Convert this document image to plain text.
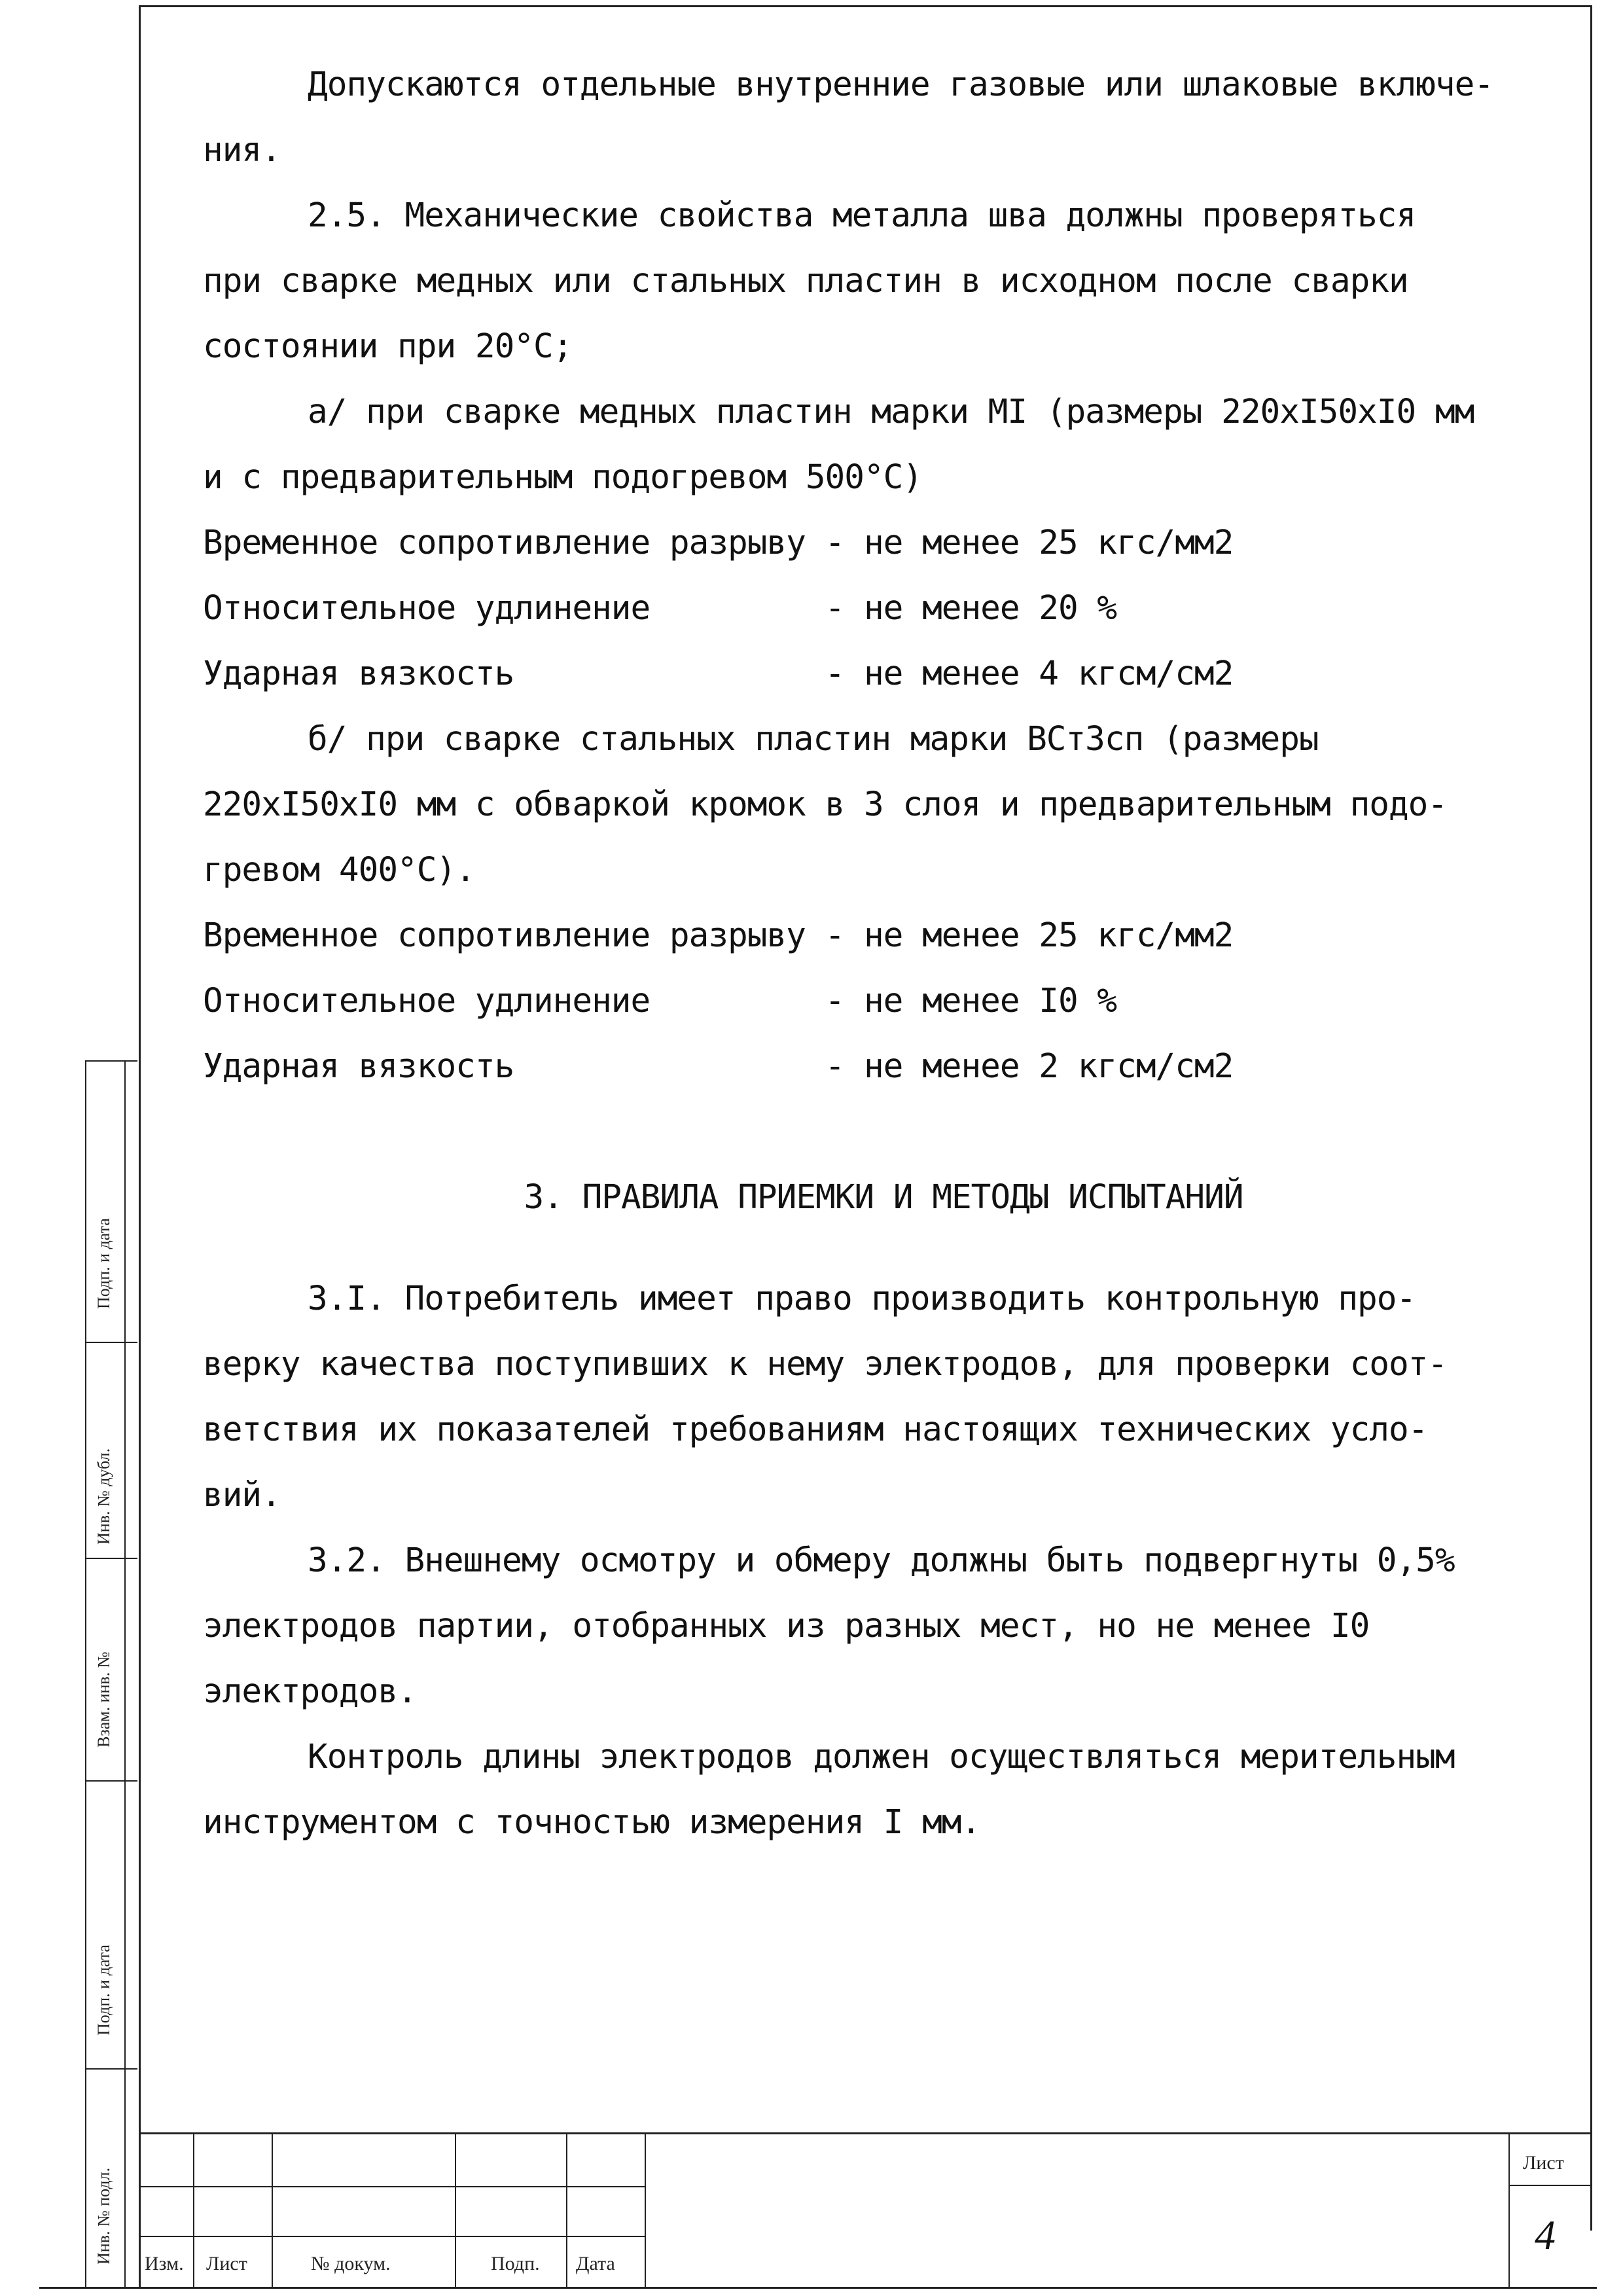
Допускаются отдельные внутренние газовые или шлаковые включе-

ния.

2.5. Механические свойства металла шва должны проверяться

при сварке медных или стальных пластин в исходном после сварки

состоянии при 20°С;

а/ при сварке медных пластин марки МI (размеры 220хI50хI0 мм

и с предварительным подогревом 500°С)

Временное сопротивление разрыву - не менее 25 кгс/мм2

Относительное удлинение         - не менее 20 %

Ударная вязкость                - не менее 4 кгсм/см2

б/ при сварке стальных пластин марки ВСт3сп (размеры

220хI50хI0 мм с обваркой кромок в 3 слоя и предварительным подо-

гревом 400°С).

Временное сопротивление разрыву - не менее 25 кгс/мм2

Относительное удлинение         - не менее I0 %

Ударная вязкость                - не менее 2 кгсм/см2

3. ПРАВИЛА ПРИЕМКИ И МЕТОДЫ ИСПЫТАНИЙ

3.I. Потребитель имеет право производить контрольную про-

верку качества поступивших к нему электродов, для проверки соот-

ветствия их показателей требованиям настоящих технических усло-

вий.

3.2. Внешнему осмотру и обмеру должны быть подвергнуты 0,5%

электродов партии, отобранных из разных мест, но не менее I0

электродов.

Контроль длины электродов должен осуществляться мерительным

инструментом с точностью измерения I мм.

Подп. и дата
Инв. № дубл.
Взам. инв. №
Подп. и дата
Инв. № подл. Изм. Лист	№ докум.	Подп. Дата
Лист
4
